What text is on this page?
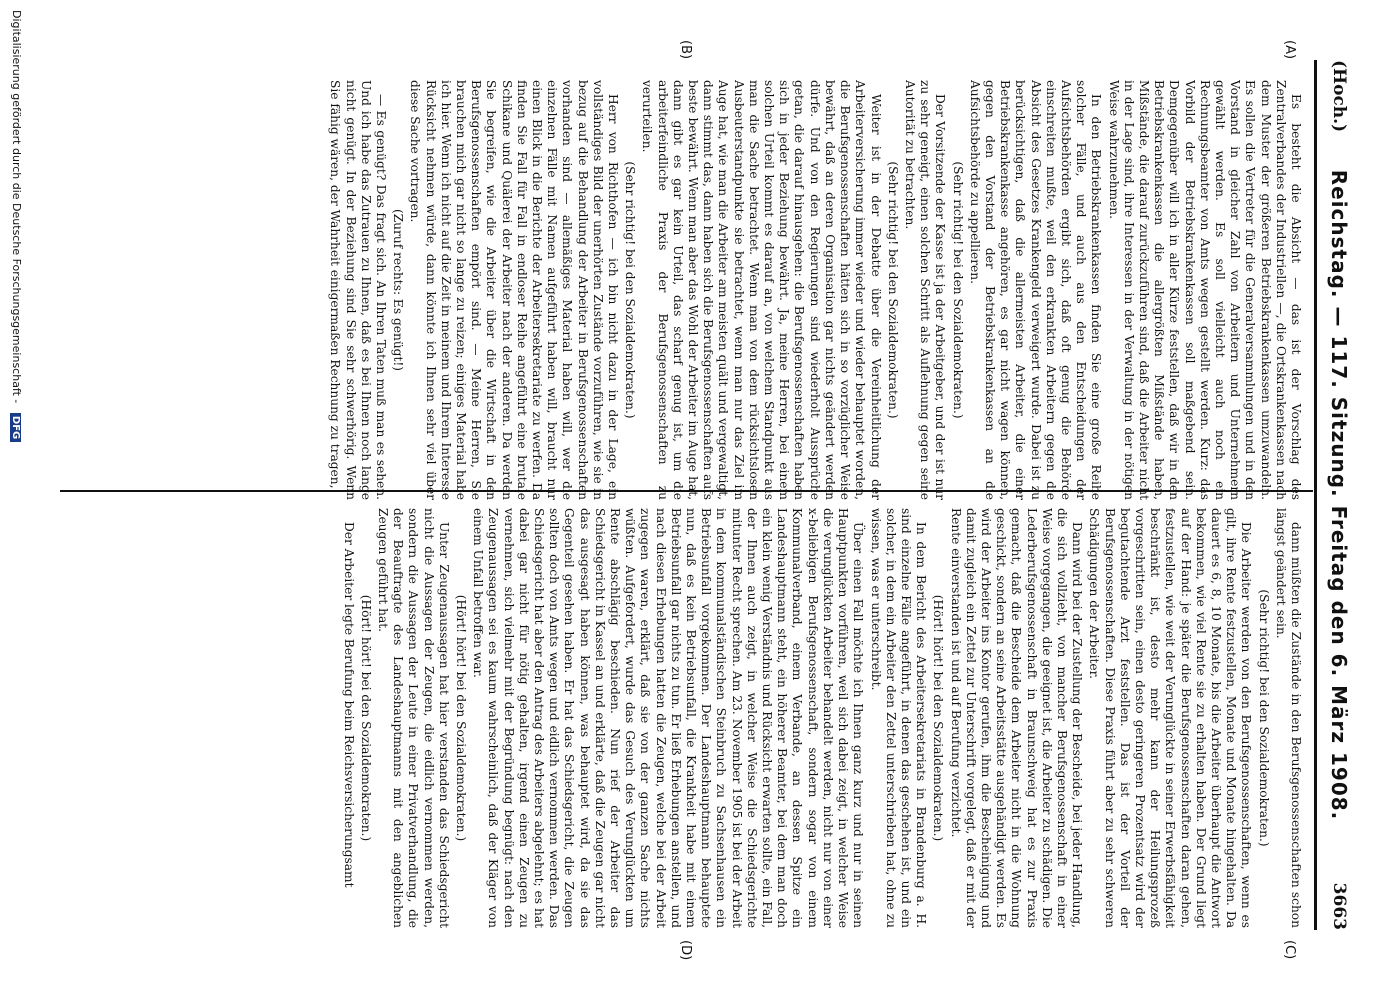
(Hoch.)
Reichstag. — 117. Sitzung. Freitag den 6. März 1908.
3663
(A)
(B)
(C)
(D)

Es besteht die Absicht — das ist der Vorschlag des Zentralverbandes der Industriellen —, die Ortskrankenkassen nach dem Muster der größeren Betriebskrankenkassen umzuwandeln. Es sollen die Vertreter für die Generalversammlungen und in den Vorstand in gleicher Zahl von Arbeitern und Unternehmern gewählt werden. Es soll vielleicht auch noch ein Rechnungsbeamter von Amts wegen gestellt werden. Kurz: das Vorbild der Betriebskrankenkassen soll maßgebend sein. Demgegenüber will ich in aller Kürze feststellen, daß wir in den Betriebskrankenkassen die allergrößten Mißstände haben, Mißstände, die darauf zurückzuführen sind, daß die Arbeiter nicht in der Lage sind, ihre Interessen in der Verwaltung in der nötigen Weise wahrzunehmen.

In den Betriebskrankenkassen finden Sie eine große Reihe solcher Fälle, und auch aus den Entscheidungen der Aufsichtsbehörden ergibt sich, daß oft genug die Behörde einschreiten mußte, weil den erkrankten Arbeitern gegen die Absicht des Gesetzes Krankengeld verweigert wurde. Dabei ist zu berücksichtigen, daß die allermeisten Arbeiter, die einer Betriebskrankenkasse angehören, es gar nicht wagen können, gegen den Vorstand der Betriebskrankenkassen an die Aufsichtsbehörde zu appellieren.

(Sehr richtig! bei den Sozialdemokraten.)

Der Vorsitzende der Kasse ist ja der Arbeitgeber, und der ist nur zu sehr geneigt, einen solchen Schritt als Auflehnung gegen seine Autorität zu betrachten.

(Sehr richtig! bei den Sozialdemokraten.)

Weiter ist in der Debatte über die Vereinheitlichung der Arbeiterversicherung immer wieder und wieder behauptet worden, die Berufsgenossenschaften hätten sich in so vorzüglicher Weise bewährt, daß an deren Organisation gar nichts geändert werden dürfe. Und von den Regierungen sind wiederholt Aussprüche getan, die darauf hinausgehen: die Berufsgenossenschaften haben sich in jeder Beziehung bewährt. Ja, meine Herren, bei einem solchen Urteil kommt es darauf an, von welchem Standpunkt aus man die Sache betrachtet. Wenn man von dem rücksichtslosen Ausbeuterstandpunkte sie betrachtet, wenn man nur das Ziel im Auge hat, wie man die Arbeiter am meisten quält und vergewaltigt, dann stimmt das, dann haben sich die Berufsgenossenschaften aufs beste bewährt. Wenn man aber das Wohl der Arbeiter im Auge hat, dann gibt es gar kein Urteil, das scharf genug ist, um die arbeiterfeindliche Praxis der Berufsgenossenschaften zu verurteilen.

(Sehr richtig! bei den Sozialdemokraten.)

Herr von Richthofen — ich bin nicht dazu in der Lage, ein vollständiges Bild der unerhörten Zustände vorzuführen, wie sie in bezug auf die Behandlung der Arbeiter in Berufsgenossenschaften vorhanden sind — allemäßiges Material haben will, wer die einzelnen Fälle mit Namen aufgeführt haben will, braucht nur einen Blick in die Berichte der Arbeitersekretariate zu werfen. Da finden Sie Fall für Fall in endloser Reihe angeführt eine brutale Schikane und Quälerei der Arbeiter nach der anderen. Da werden Sie begreifen, wie die Arbeiter über die Wirtschaft in den Berufsgenossenschaften empört sind. — Meine Herren, Sie brauchen mich gar nicht so lange zu reizen; einiges Material habe ich hier. Wenn ich nicht auf die Zeit in meinem und Ihrem Interesse Rücksicht nehmen würde, dann könnte ich Ihnen sehr viel über diese Sache vortragen.

(Zuruf rechts: Es genügt!)

— Es genügt? Das fragt sich. An Ihren Taten muß man es sehen. Und ich habe das Zutrauen zu Ihnen, daß es bei Ihnen noch lange nicht genügt. In der Beziehung sind Sie sehr schwerhörig. Wenn Sie fähig wären, der Wahrheit einigermaßen Rechnung zu tragen,

dann müßten die Zustände in den Berufsgenossenschaften schon längst geändert sein.

(Sehr richtig! bei den Sozialdemokraten.)

Die Arbeiter werden von den Berufsgenossenschaften, wenn es gilt, ihre Rente festzustellen, Monate und Monate hingehalten. Da dauert es 6, 8, 10 Monate, bis die Arbeiter überhaupt die Antwort bekommen, wie viel Rente sie zu erhalten haben. Der Grund liegt auf der Hand: je später die Berufsgenossenschaften daran gehen, festzustellen, wie weit der Verunglückte in seiner Erwerbsfähigkeit beschränkt ist, desto mehr kann der Heilungsprozeß vorgeschritten sein, einen desto geringeren Prozentsatz wird der begutachtende Arzt feststellen. Das ist der Vorteil der Berufsgenossenschaften. Diese Praxis führt aber zu sehr schweren Schädigungen der Arbeiter.

Dann wird bei der Zustellung der Bescheide, bei jeder Handlung, die sich vollzieht, von mancher Berufsgenossenschaft in einer Weise vorgegangen, die geeignet ist, die Arbeiter zu schädigen. Die Lederberufsgenossenschaft in Braunschweig hat es zur Praxis gemacht, daß die Bescheide dem Arbeiter nicht in die Wohnung geschickt, sondern an seine Arbeitsstätte ausgehändigt werden. Es wird der Arbeiter ins Kontor gerufen, ihm die Bescheinigung und damit zugleich ein Zettel zur Unterschrift vorgelegt, daß er mit der Rente einverstanden ist und auf Berufung verzichtet.

(Hört! hört! bei den Sozialdemokraten.)

In dem Bericht des Arbeitersekretariats in Brandenburg a. H. sind einzelne Fälle angeführt, in denen das geschehen ist, und ein solcher, in dem ein Arbeiter den Zettel unterschrieben hat, ohne zu wissen, was er unterschreibt.

Über einen Fall möchte ich Ihnen ganz kurz und nur in seinen Hauptpunkten vorführen, weil sich dabei zeigt, in welcher Weise die verunglückten Arbeiter behandelt werden, nicht nur von einer x-beliebigen Berufsgenossenschaft, sondern sogar von einem Kommunalverband, einem Verbande, an dessen Spitze ein Landeshauptmann steht, ein höherer Beamter, bei dem man doch ein klein wenig Verständnis und Rücksicht erwarten sollte, ein Fall, der Ihnen auch zeigt, in welcher Weise die Schiedsgerichte mitunter Recht sprechen. Am 23. November 1905 ist bei der Arbeit in dem kommunalständischen Steinbruch zu Sachsenhausen ein Betriebsunfall vorgekommen. Der Landeshauptmann behauptete nun, daß es kein Betriebsunfall, die Krankheit habe mit einem Betriebsunfall gar nichts zu tun. Er ließ Erhebungen anstellen, und nach diesen Erhebungen hatten die Zeugen, welche bei der Arbeit zugegen waren, erklärt, daß sie von der ganzen Sache nichts wüßten. Aufgefordert, wurde das Gesuch des Verunglückten um Rente abschlägig beschieden. Nun rief der Arbeiter das Schiedsgericht in Kassel an und erklärte, daß die Zeugen gar nicht das ausgesagt haben können, was behauptet wird, da sie das Gegenteil gesehen haben. Er hat das Schiedsgericht, die Zeugen sollten doch von Amts wegen und eidlich vernommen werden. Das Schiedsgericht hat aber den Antrag des Arbeiters abgelehnt; es hat dabei gar nicht für nötig gehalten, irgend einen Zeugen zu vernehmen, sich vielmehr mit der Begründung begnügt: nach den Zeugenaussagen sei es kaum wahrscheinlich, daß der Kläger von einem Unfall betroffen war.

(Hört! hört! bei den Sozialdemokraten.)

Unter Zeugenaussagen hat hier verstanden das Schiedsgericht nicht die Aussagen der Zeugen, die eidlich vernommen werden, sondern die Aussagen der Leute in einer Privatverhandlung, die der Beauftragte des Landeshauptmanns mit den angeblichen Zeugen geführt hat.

(Hört! hört! bei den Sozialdemokraten.)

Der Arbeiter legte Berufung beim Reichsversicherungsamt

Digitalisierung gefördert durch die Deutsche Forschungsgemeinschaft - DFG
